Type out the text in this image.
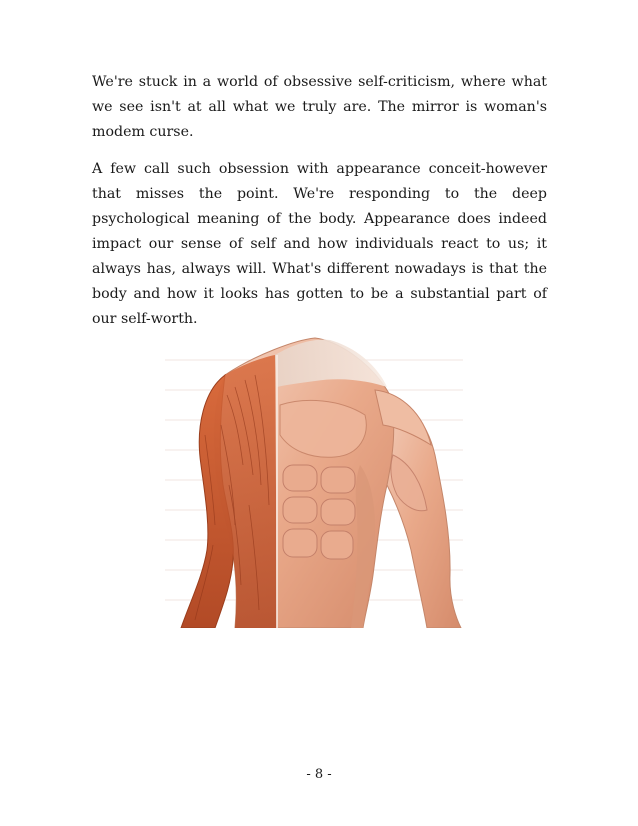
We're stuck in a world of obsessive self-criticism, where what we see isn't at all what we truly are. The mirror is woman's modem curse.

A few call such obsession with appearance conceit-however that misses the point. We're responding to the deep psychological meaning of the body. Appearance does indeed impact our sense of self and how individuals react to us; it always has, always will. What's different nowadays is that the body and how it looks has gotten to be a substantial part of our self-worth.

- 8 -
